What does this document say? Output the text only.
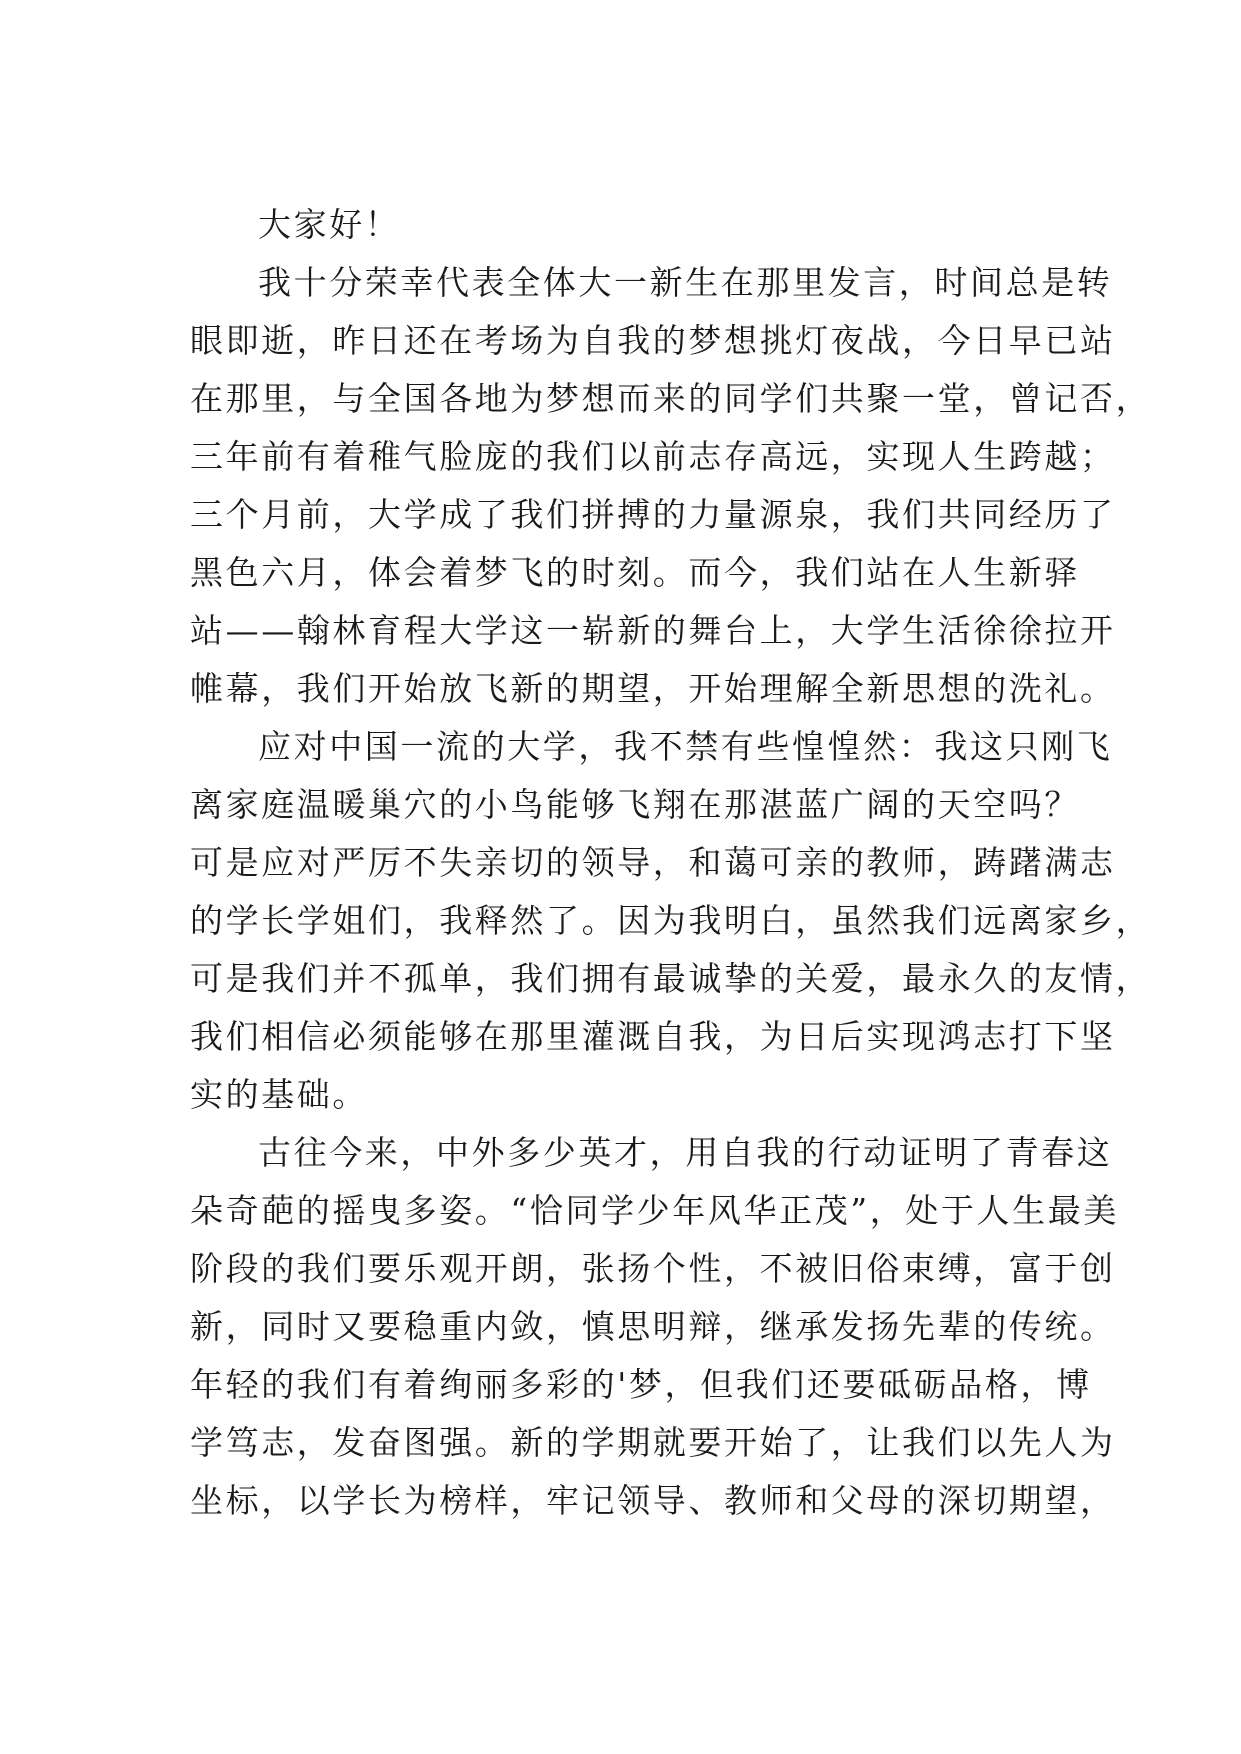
大家好！
我十分荣幸代表全体大一新生在那里发言，时间总是转
眼即逝，昨日还在考场为自我的梦想挑灯夜战，今日早已站
在那里，与全国各地为梦想而来的同学们共聚一堂，曾记否，
三年前有着稚气脸庞的我们以前志存高远，实现人生跨越；
三个月前，大学成了我们拼搏的力量源泉，我们共同经历了
黑色六月，体会着梦飞的时刻。而今，我们站在人生新驿
站——翰林育程大学这一崭新的舞台上，大学生活徐徐拉开
帷幕，我们开始放飞新的期望，开始理解全新思想的洗礼。
应对中国一流的大学，我不禁有些惶惶然：我这只刚飞
离家庭温暖巢穴的小鸟能够飞翔在那湛蓝广阔的天空吗？
可是应对严厉不失亲切的领导，和蔼可亲的教师，踌躇满志
的学长学姐们，我释然了。因为我明白，虽然我们远离家乡，
可是我们并不孤单，我们拥有最诚挚的关爱，最永久的友情，
我们相信必须能够在那里灌溉自我，为日后实现鸿志打下坚
实的基础。
古往今来，中外多少英才，用自我的行动证明了青春这
朵奇葩的摇曳多姿。“恰同学少年风华正茂”，处于人生最美
阶段的我们要乐观开朗，张扬个性，不被旧俗束缚，富于创
新，同时又要稳重内敛，慎思明辩，继承发扬先辈的传统。
年轻的我们有着绚丽多彩的'梦，但我们还要砥砺品格，博
学笃志，发奋图强。新的学期就要开始了，让我们以先人为
坐标，以学长为榜样，牢记领导、教师和父母的深切期望，
